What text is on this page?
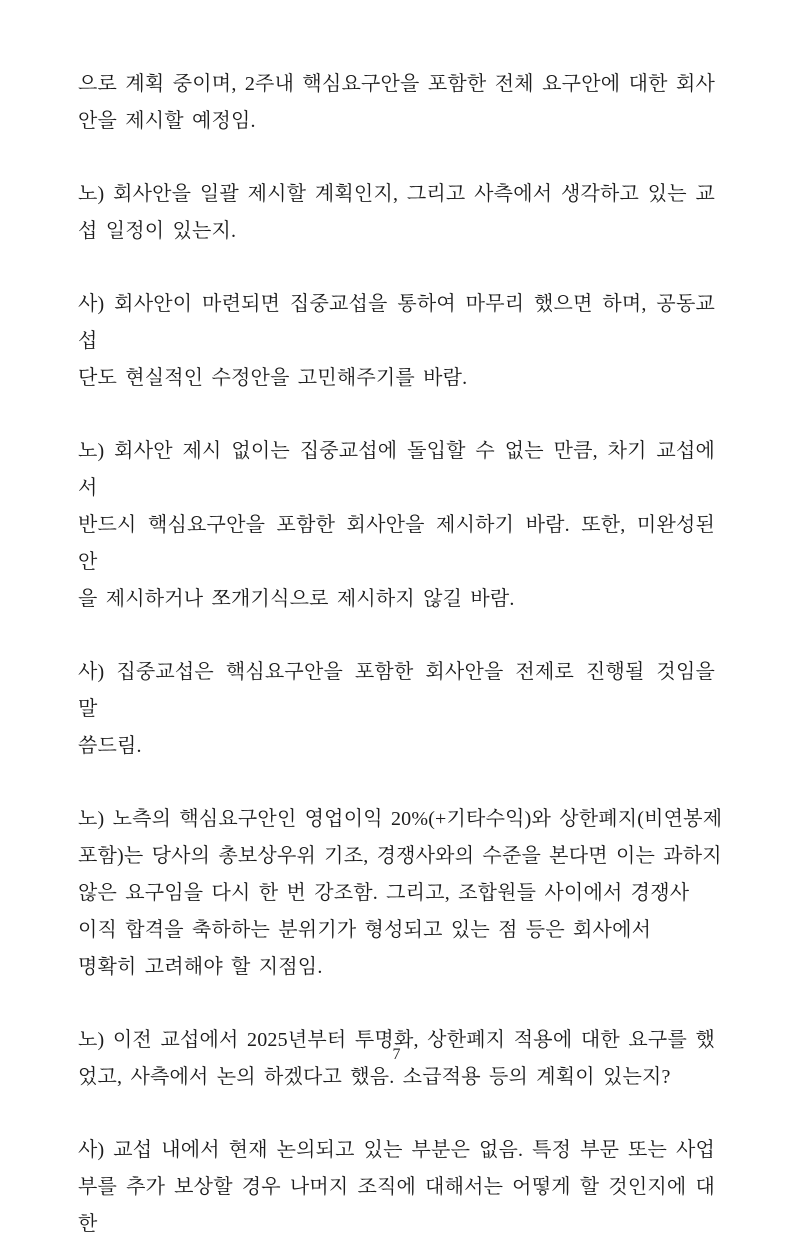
으로 계획 중이며, 2주내 핵심요구안을 포함한 전체 요구안에 대한 회사
안을 제시할 예정임.
노) 회사안을 일괄 제시할 계획인지, 그리고 사측에서 생각하고 있는 교
섭 일정이 있는지.
사) 회사안이 마련되면 집중교섭을 통하여 마무리 했으면 하며, 공동교섭
단도 현실적인 수정안을 고민해주기를 바람.
노) 회사안 제시 없이는 집중교섭에 돌입할 수 없는 만큼, 차기 교섭에서
반드시 핵심요구안을 포함한 회사안을 제시하기 바람. 또한, 미완성된 안
을 제시하거나 쪼개기식으로 제시하지 않길 바람.
사) 집중교섭은 핵심요구안을 포함한 회사안을 전제로 진행될 것임을 말
씀드림.
노) 노측의 핵심요구안인 영업이익 20%(+기타수익)와 상한폐지(비연봉제
포함)는 당사의 총보상우위 기조, 경쟁사와의 수준을 본다면 이는 과하지
않은 요구임을 다시 한 번 강조함. 그리고, 조합원들 사이에서 경쟁사
이직 합격을 축하하는 분위기가 형성되고 있는 점 등은 회사에서
명확히 고려해야 할 지점임.
노) 이전 교섭에서 2025년부터 투명화, 상한폐지 적용에 대한 요구를 했
었고, 사측에서 논의 하겠다고 했음. 소급적용 등의 계획이 있는지?
사) 교섭 내에서 현재 논의되고 있는 부분은 없음. 특정 부문 또는 사업
부를 추가 보상할 경우 나머지 조직에 대해서는 어떻게 할 것인지에 대한
7
